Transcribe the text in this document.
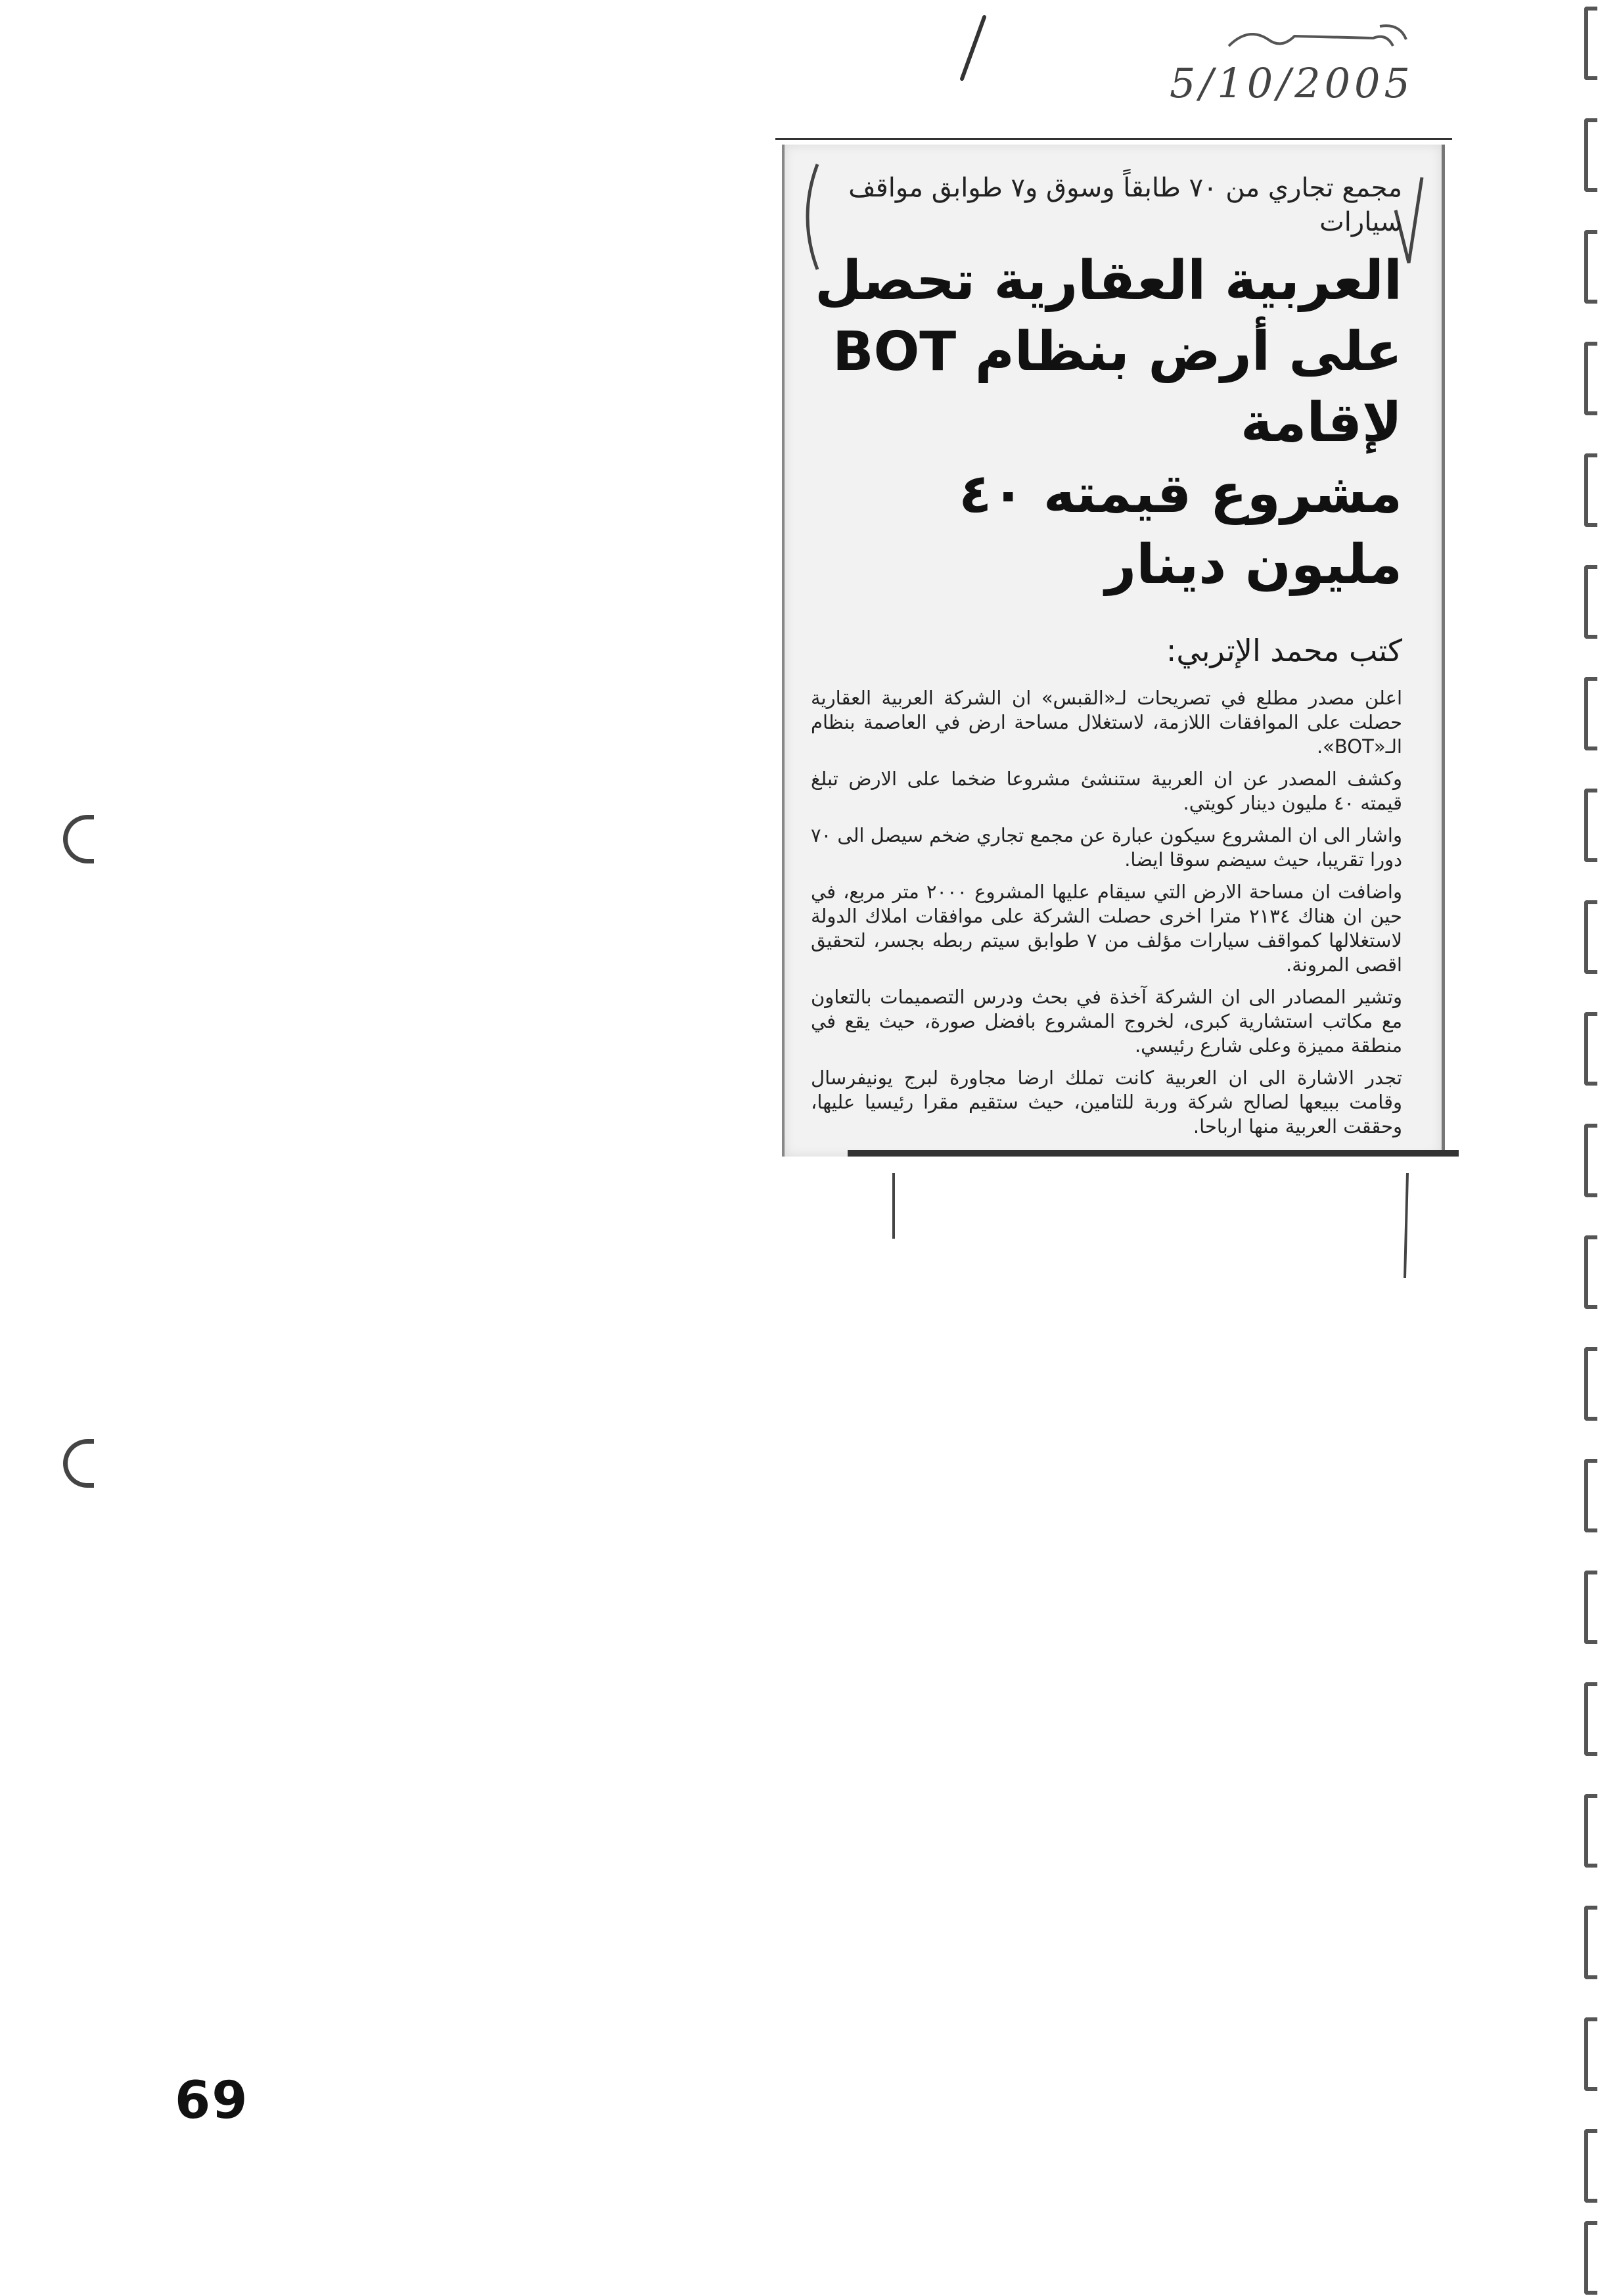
5/10/2005
مجمع تجاري من ٧٠ طابقاً وسوق و٧ طوابق مواقف سيارات
العربية العقارية تحصل
على أرض بنظام BOT لإقامة
مشروع قيمته ٤٠ مليون دينار
كتب محمد الإتربي:

اعلن مصدر مطلع في تصريحات لـ«القبس» ان الشركة العربية العقارية حصلت على الموافقات اللازمة، لاستغلال مساحة ارض في العاصمة بنظام الـ«BOT».

وكشف المصدر عن ان العربية ستنشئ مشروعا ضخما على الارض تبلغ قيمته ٤٠ مليون دينار كويتي.

واشار الى ان المشروع سيكون عبارة عن مجمع تجاري ضخم سيصل الى ٧٠ دورا تقريبا، حيث سيضم سوقا ايضا.

واضافت ان مساحة الارض التي سيقام عليها المشروع ٢٠٠٠ متر مربع، في حين ان هناك ٢١٣٤ مترا اخرى حصلت الشركة على موافقات املاك الدولة لاستغلالها كمواقف سيارات مؤلف من ٧ طوابق سيتم ربطه بجسر، لتحقيق اقصى المرونة.

وتشير المصادر الى ان الشركة آخذة في بحث ودرس التصميمات بالتعاون مع مكاتب استشارية كبرى، لخروج المشروع بافضل صورة، حيث يقع في منطقة مميزة وعلى شارع رئيسي.

تجدر الاشارة الى ان العربية كانت تملك ارضا مجاورة لبرج يونيفرسال وقامت ببيعها لصالح شركة وربة للتامين، حيث ستقيم مقرا رئيسيا عليها، وحققت العربية منها ارباحا.

69
